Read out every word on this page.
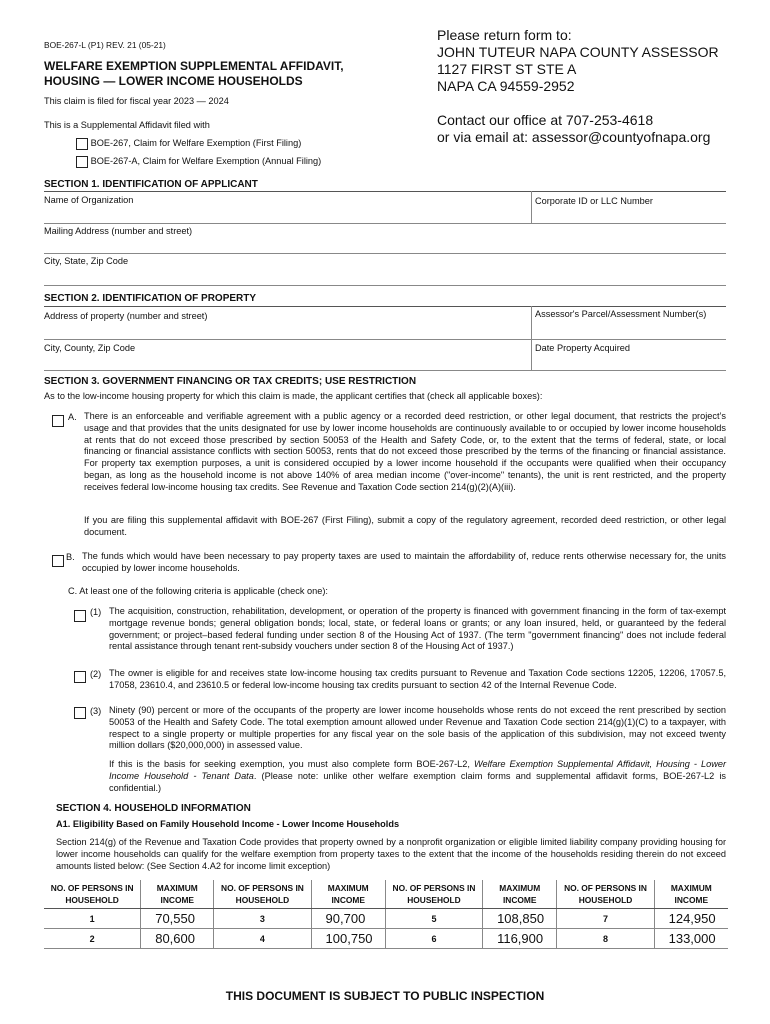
BOE-267-L (P1) REV. 21 (05-21)
WELFARE EXEMPTION SUPPLEMENTAL AFFIDAVIT,
HOUSING — LOWER INCOME HOUSEHOLDS
This claim is filed for fiscal year 2023 — 2024
This is a Supplemental Affidavit filed with
BOE-267, Claim for Welfare Exemption (First Filing)
BOE-267-A, Claim for Welfare Exemption (Annual Filing)
Please return form to:
JOHN TUTEUR NAPA COUNTY ASSESSOR
1127 FIRST ST STE A
NAPA CA 94559-2952
Contact our office at 707-253-4618
or via email at: assessor@countyofnapa.org
SECTION 1. IDENTIFICATION OF APPLICANT
Name of Organization	Corporate ID or LLC Number
Mailing Address (number and street)
City, State, Zip Code
SECTION 2. IDENTIFICATION OF PROPERTY
Address of property (number and street)	Assessor's Parcel/Assessment Number(s)
City, County, Zip Code	Date Property Acquired
SECTION 3. GOVERNMENT FINANCING OR TAX CREDITS; USE RESTRICTION
As to the low-income housing property for which this claim is made, the applicant certifies that (check all applicable boxes):
A. There is an enforceable and verifiable agreement with a public agency or a recorded deed restriction, or other legal document, that restricts the project’s usage and that provides that the units designated for use by lower income households are continuously available to or occupied by lower income households at rents that do not exceed those prescribed by section 50053 of the Health and Safety Code, or, to the extent that the terms of federal, state, or local financing or financial assistance conflicts with section 50053, rents that do not exceed those prescribed by the terms of the financing or financial assistance. For property tax exemption purposes, a unit is considered occupied by a lower income household if the occupants were qualified when their occupancy began, as long as the household income is not above 140% of area median income ("over-income" tenants), the unit is rent restricted, and the property receives federal low-income housing tax credits. See Revenue and Taxation Code section 214(g)(2)(A)(iii).
If you are filing this supplemental affidavit with BOE-267 (First Filing), submit a copy of the regulatory agreement, recorded deed restriction, or other legal document.
B. The funds which would have been necessary to pay property taxes are used to maintain the affordability of, reduce rents otherwise necessary for, the units occupied by lower income households.
C. At least one of the following criteria is applicable (check one):
(1) The acquisition, construction, rehabilitation, development, or operation of the property is financed with government financing in the form of tax-exempt mortgage revenue bonds; general obligation bonds; local, state, or federal loans or grants; or any loan insured, held, or guaranteed by the federal government; or project–based federal funding under section 8 of the Housing Act of 1937. (The term "government financing" does not include federal rental assistance through tenant rent-subsidy vouchers under section 8 of the Housing Act of 1937.)
(2) The owner is eligible for and receives state low-income housing tax credits pursuant to Revenue and Taxation Code sections 12205, 12206, 17057.5, 17058, 23610.4, and 23610.5 or federal low-income housing tax credits pursuant to section 42 of the Internal Revenue Code.
(3) Ninety (90) percent or more of the occupants of the property are lower income households whose rents do not exceed the rent prescribed by section 50053 of the Health and Safety Code. The total exemption amount allowed under Revenue and Taxation Code section 214(g)(1)(C) to a taxpayer, with respect to a single property or multiple properties for any fiscal year on the sole basis of the application of this subdivision, may not exceed twenty million dollars ($20,000,000) in assessed value.
If this is the basis for seeking exemption, you must also complete form BOE-267-L2, Welfare Exemption Supplemental Affidavit, Housing - Lower Income Household - Tenant Data. (Please note: unlike other welfare exemption claim forms and supplemental affidavit forms, BOE-267-L2 is confidential.)
SECTION 4. HOUSEHOLD INFORMATION
A1. Eligibility Based on Family Household Income - Lower Income Households
Section 214(g) of the Revenue and Taxation Code provides that property owned by a nonprofit organization or eligible limited liability company providing housing for lower income households can qualify for the welfare exemption from property taxes to the extent that the income of the households residing therein do not exceed amounts listed below: (See Section 4.A2 for income limit exception)
NO. OF PERSONS IN HOUSEHOLD	MAXIMUM INCOME	NO. OF PERSONS IN HOUSEHOLD	MAXIMUM INCOME	NO. OF PERSONS IN HOUSEHOLD	MAXIMUM INCOME	NO. OF PERSONS IN HOUSEHOLD	MAXIMUM INCOME
1	70,550	3	90,700	5	108,850	7	124,950
2	80,600	4	100,750	6	116,900	8	133,000
THIS DOCUMENT IS SUBJECT TO PUBLIC INSPECTION
